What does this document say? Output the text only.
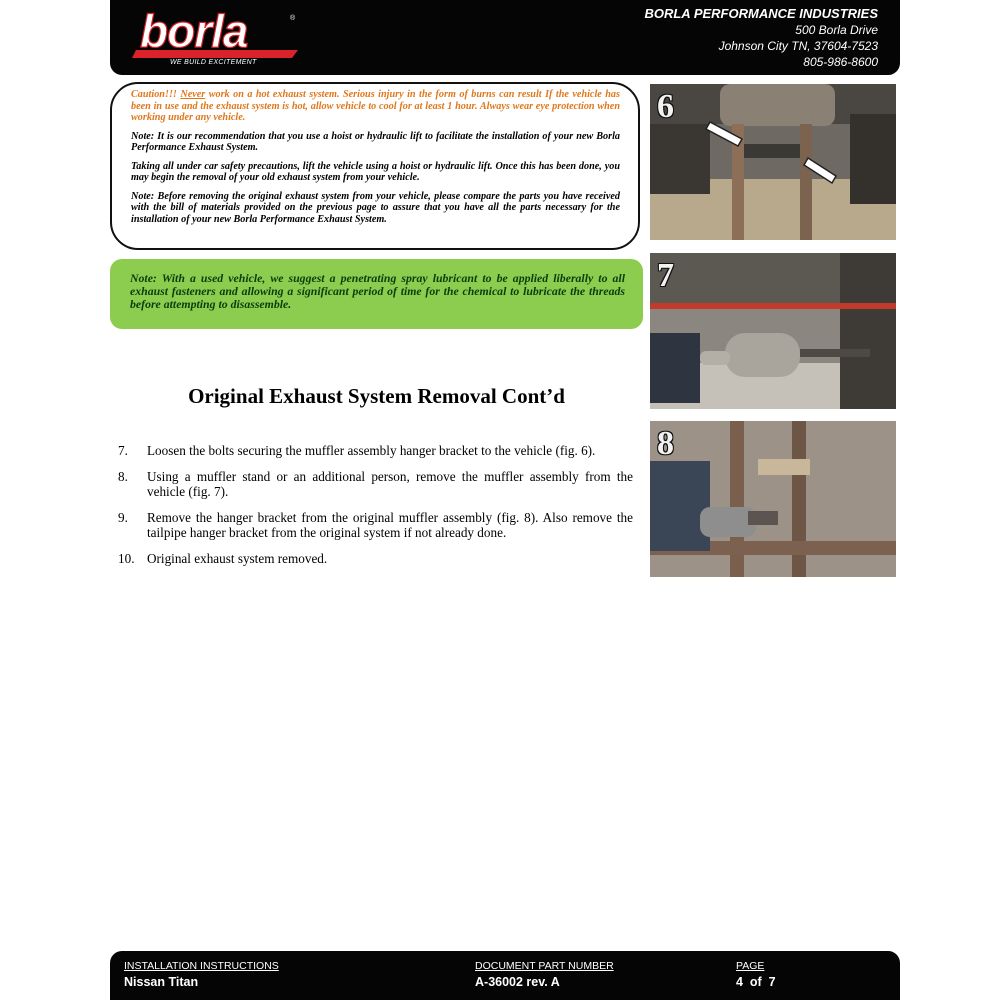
borla	®
WE BUILD EXCITEMENT
BORLA PERFORMANCE INDUSTRIES
500 Borla Drive
Johnson City TN, 37604-7523
805-986-8600

Caution!!! Never work on a hot exhaust system. Serious injury in the form of burns can result If the vehicle has been in use and the exhaust system is hot, allow vehicle to cool for at least 1 hour. Always wear eye protection when working under any vehicle.

Note: It is our recommendation that you use a hoist or hydraulic lift to facilitate the installation of your new Borla Performance Exhaust System.

Taking all under car safety precautions, lift the vehicle using a hoist or hydraulic lift. Once this has been done, you may begin the removal of your old exhaust system from your vehicle.

Note: Before removing the original exhaust system from your vehicle, please compare the parts you have received with the bill of materials provided on the previous page to assure that you have all the parts necessary for the installation of your new Borla Performance Exhaust System.

Note: With a used vehicle, we suggest a penetrating spray lubricant to be applied liberally to all exhaust fasteners and allowing a significant period of time for the chemical to lubricate the threads before attempting to disassemble.

Original Exhaust System Removal Cont’d
7.	Loosen the bolts securing the muffler assembly hanger bracket to the vehicle (fig. 6).
8.	Using a muffler stand or an additional person, remove the muffler assembly from the vehicle (fig. 7).
9.	Remove the hanger bracket from the original muffler assembly (fig. 8). Also remove the tailpipe hanger bracket from the original system if not already done.
10. Original exhaust system removed.
6
7
8
INSTALLATION INSTRUCTIONS
Nissan Titan
DOCUMENT PART NUMBER
A-36002 rev. A
PAGE
4  of  7
